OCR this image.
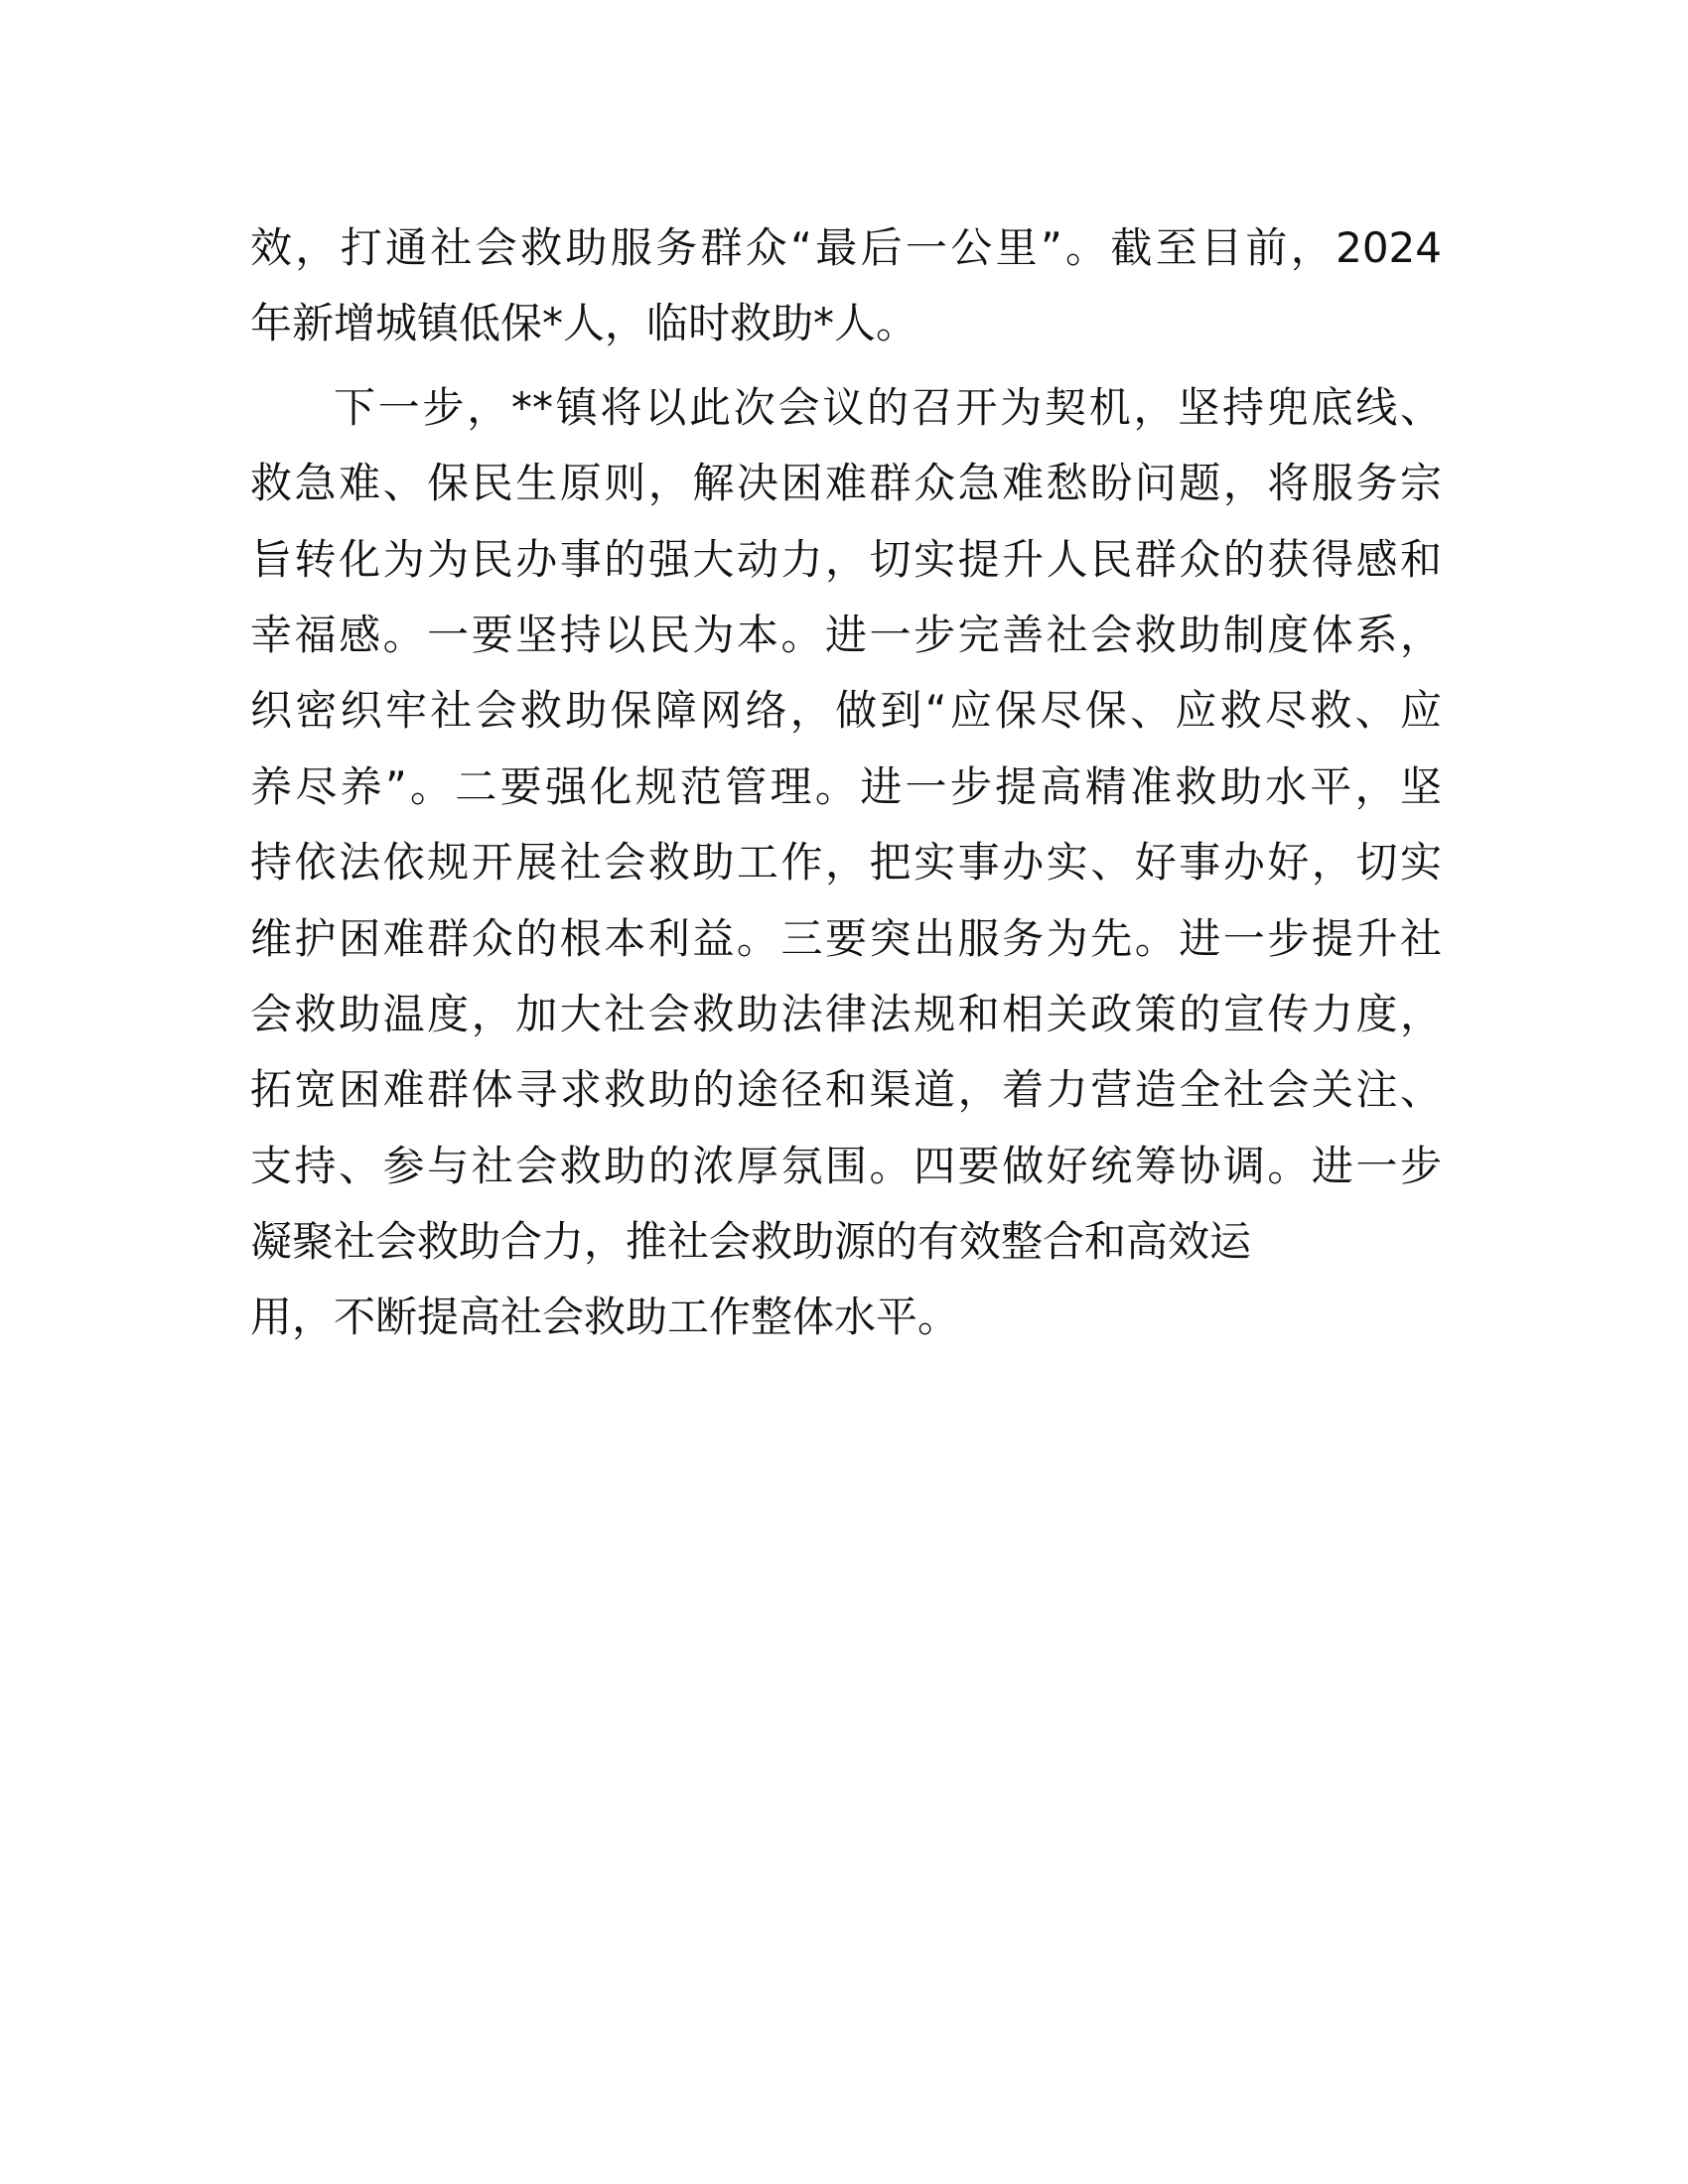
效，打通社会救助服务群众“最后一公里”。截至目前，2024
年新增城镇低保*人，临时救助*人。
下一步，**镇将以此次会议的召开为契机，坚持兜底线、
救急难、保民生原则，解决困难群众急难愁盼问题，将服务宗
旨转化为为民办事的强大动力，切实提升人民群众的获得感和
幸福感。一要坚持以民为本。进一步完善社会救助制度体系，
织密织牢社会救助保障网络，做到“应保尽保、应救尽救、应
养尽养”。二要强化规范管理。进一步提高精准救助水平，坚
持依法依规开展社会救助工作，把实事办实、好事办好，切实
维护困难群众的根本利益。三要突出服务为先。进一步提升社
会救助温度，加大社会救助法律法规和相关政策的宣传力度，
拓宽困难群体寻求救助的途径和渠道，着力营造全社会关注、
支持、参与社会救助的浓厚氛围。四要做好统筹协调。进一步
凝聚社会救助合力，推社会救助源的有效整合和高效运
用，不断提高社会救助工作整体水平。
